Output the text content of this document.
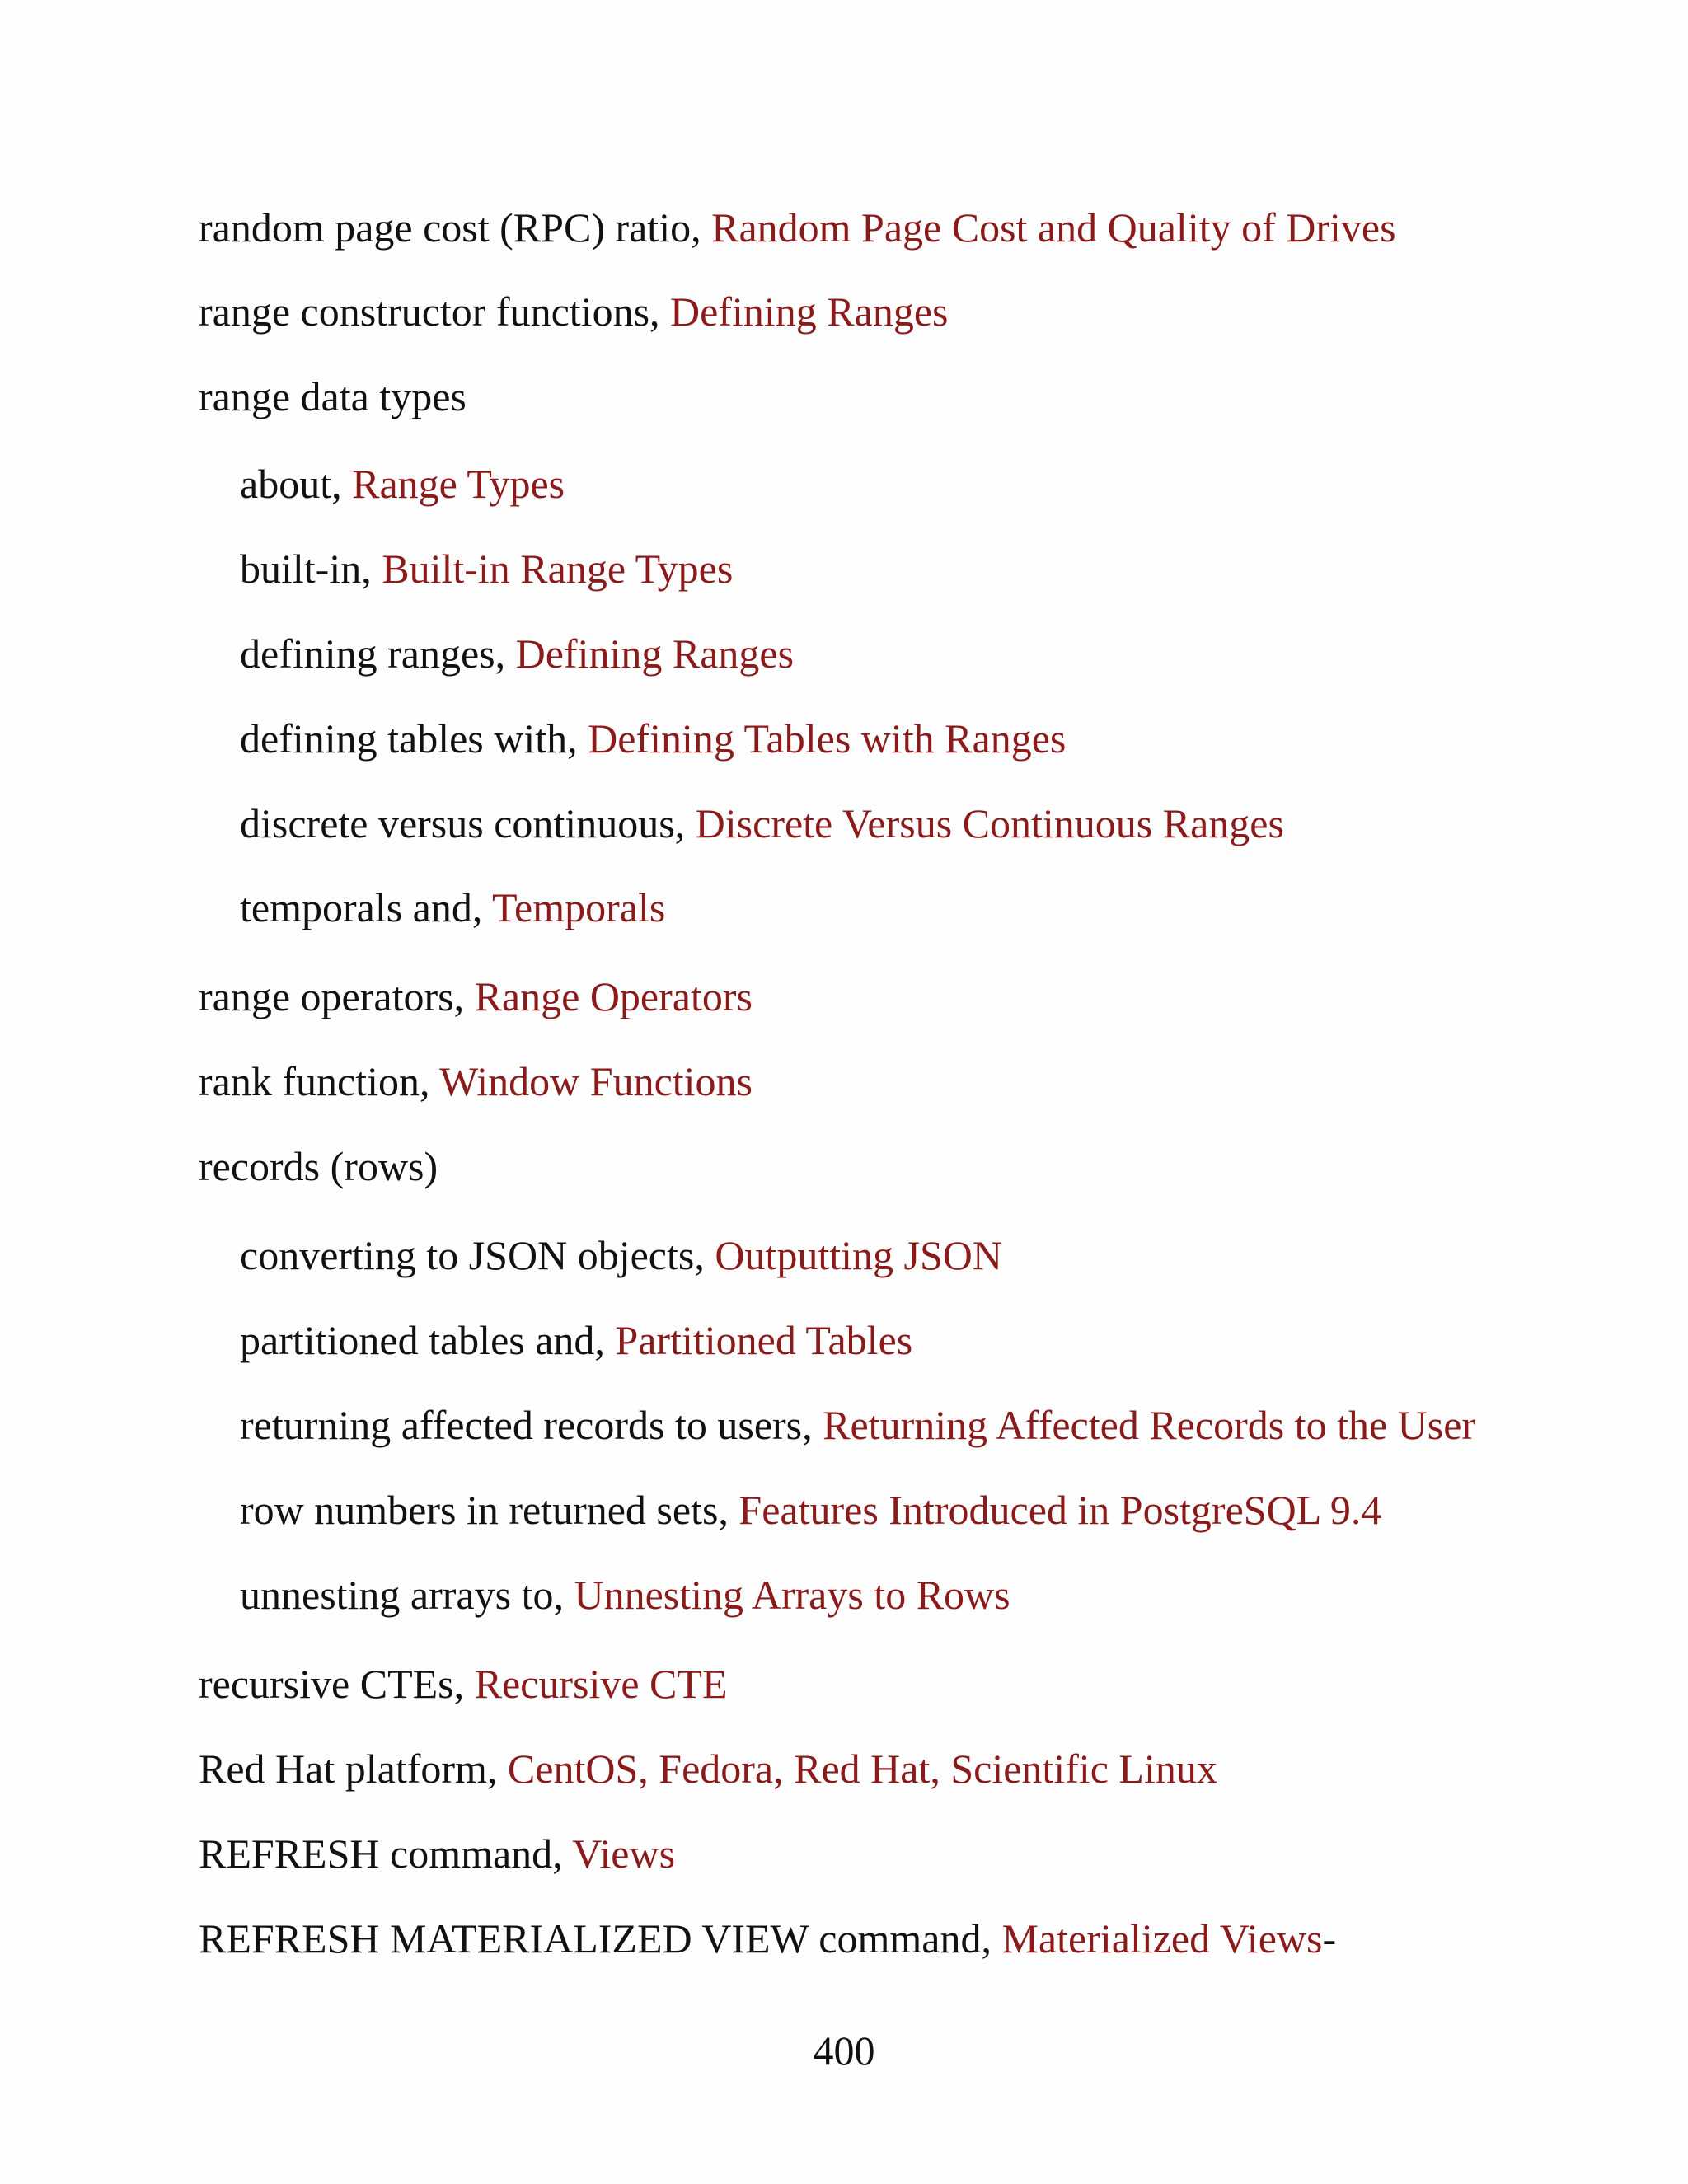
random page cost (RPC) ratio, Random Page Cost and Quality of Drives

range constructor functions, Defining Ranges

range data types

about, Range Types

built-in, Built-in Range Types

defining ranges, Defining Ranges

defining tables with, Defining Tables with Ranges

discrete versus continuous, Discrete Versus Continuous Ranges

temporals and, Temporals

range operators, Range Operators

rank function, Window Functions

records (rows)

converting to JSON objects, Outputting JSON

partitioned tables and, Partitioned Tables

returning affected records to users, Returning Affected Records to the User

row numbers in returned sets, Features Introduced in PostgreSQL 9.4

unnesting arrays to, Unnesting Arrays to Rows

recursive CTEs, Recursive CTE

Red Hat platform, CentOS, Fedora, Red Hat, Scientific Linux

REFRESH command, Views

REFRESH MATERIALIZED VIEW command, Materialized Views-

400
